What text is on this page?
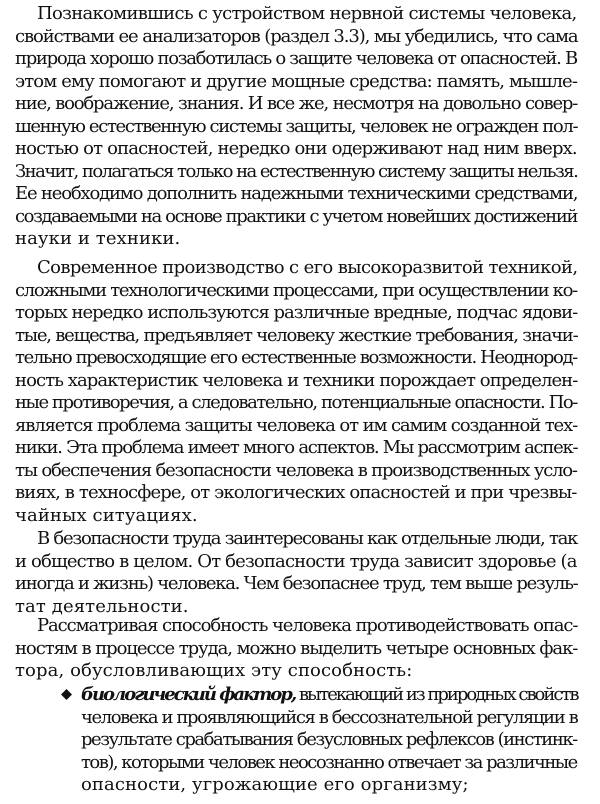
Познакомившись с устройством нервной системы человека,
свойствами ее анализаторов (раздел 3.3), мы убедились, что сама
природа хорошо позаботилась о защите человека от опасностей. В
этом ему помогают и другие мощные средства: память, мышле-
ние, воображение, знания. И все же, несмотря на довольно совер-
шенную естественную системы защиты, человек не огражден пол-
ностью от опасностей, нередко они одерживают над ним вверх.
Значит, полагаться только на естественную систему защиты нельзя.
Ее необходимо дополнить надежными техническими средствами,
создаваемыми на основе практики с учетом новейших достижений
науки и техники.
Современное производство с его высокоразвитой техникой,
сложными технологическими процессами, при осуществлении ко-
торых нередко используются различные вредные, подчас ядови-
тые, вещества, предъявляет человеку жесткие требования, значи-
тельно превосходящие его естественные возможности. Неоднород-
ность характеристик человека и техники порождает определен-
ные противоречия, а следовательно, потенциальные опасности. По-
является проблема защиты человека от им самим созданной тех-
ники. Эта проблема имеет много аспектов. Мы рассмотрим аспек-
ты обеспечения безопасности человека в производственных усло-
виях, в техносфере, от экологических опасностей и при чрезвы-
чайных ситуациях.
В безопасности труда заинтересованы как отдельные люди, так
и общество в целом. От безопасности труда зависит здоровье (а
иногда и жизнь) человека. Чем безопаснее труд, тем выше резуль-
тат деятельности.
Рассматривая способность человека противодействовать опас-
ностям в процессе труда, можно выделить четыре основных фак-
тора, обусловливающих эту способность:
биологический фактор, вытекающий из природных свойств
человека и проявляющийся в бессознательной регуляции в
результате срабатывания безусловных рефлексов (инстинк-
тов), которыми человек неосознанно отвечает за различные
опасности, угрожающие его организму;
